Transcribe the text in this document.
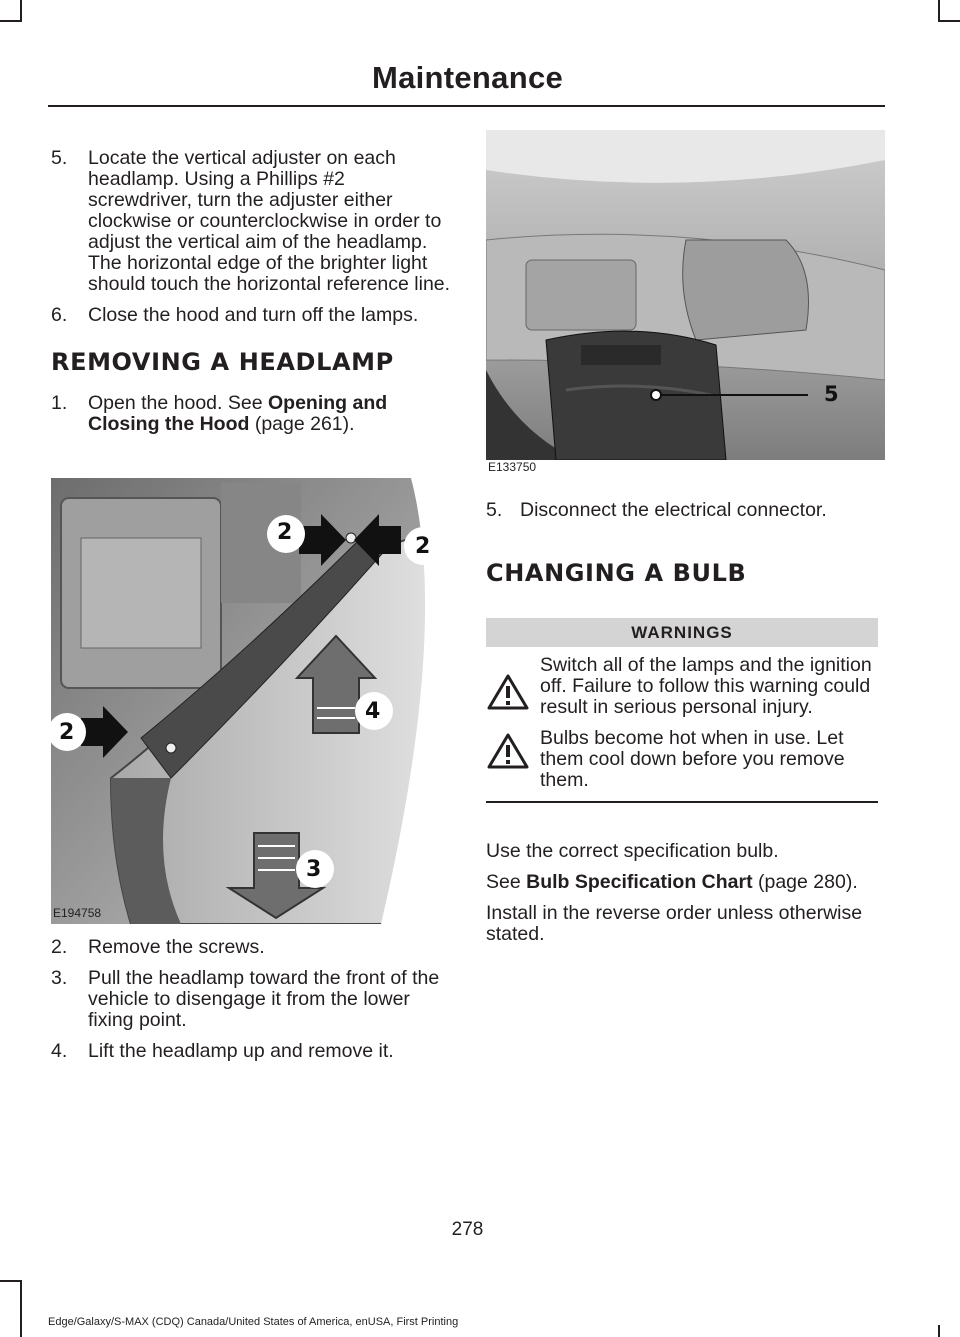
Maintenance
5.	Locate the vertical adjuster on each headlamp. Using a Phillips #2 screwdriver, turn the adjuster either clockwise or counterclockwise in order to adjust the vertical aim of the headlamp. The horizontal edge of the brighter light should touch the horizontal reference line.
6.	Close the hood and turn off the lamps.
REMOVING A HEADLAMP
1.	Open the hood. See Opening and Closing the Hood (page 261).
2
2
2
4
3
E194758
2.	Remove the screws.
3.	Pull the headlamp toward the front of the vehicle to disengage it from the lower fixing point.
4.	Lift the headlamp up and remove it.
5
E133750
5. Disconnect the electrical connector.
CHANGING A BULB
WARNINGS
Switch all of the lamps and the ignition off. Failure to follow this warning could result in serious personal injury.
Bulbs become hot when in use. Let them cool down before you remove them.

Use the correct specification bulb.

See Bulb Specification Chart (page 280).

Install in the reverse order unless otherwise stated.

278
Edge/Galaxy/S-MAX (CDQ) Canada/United States of America, enUSA, First Printing
